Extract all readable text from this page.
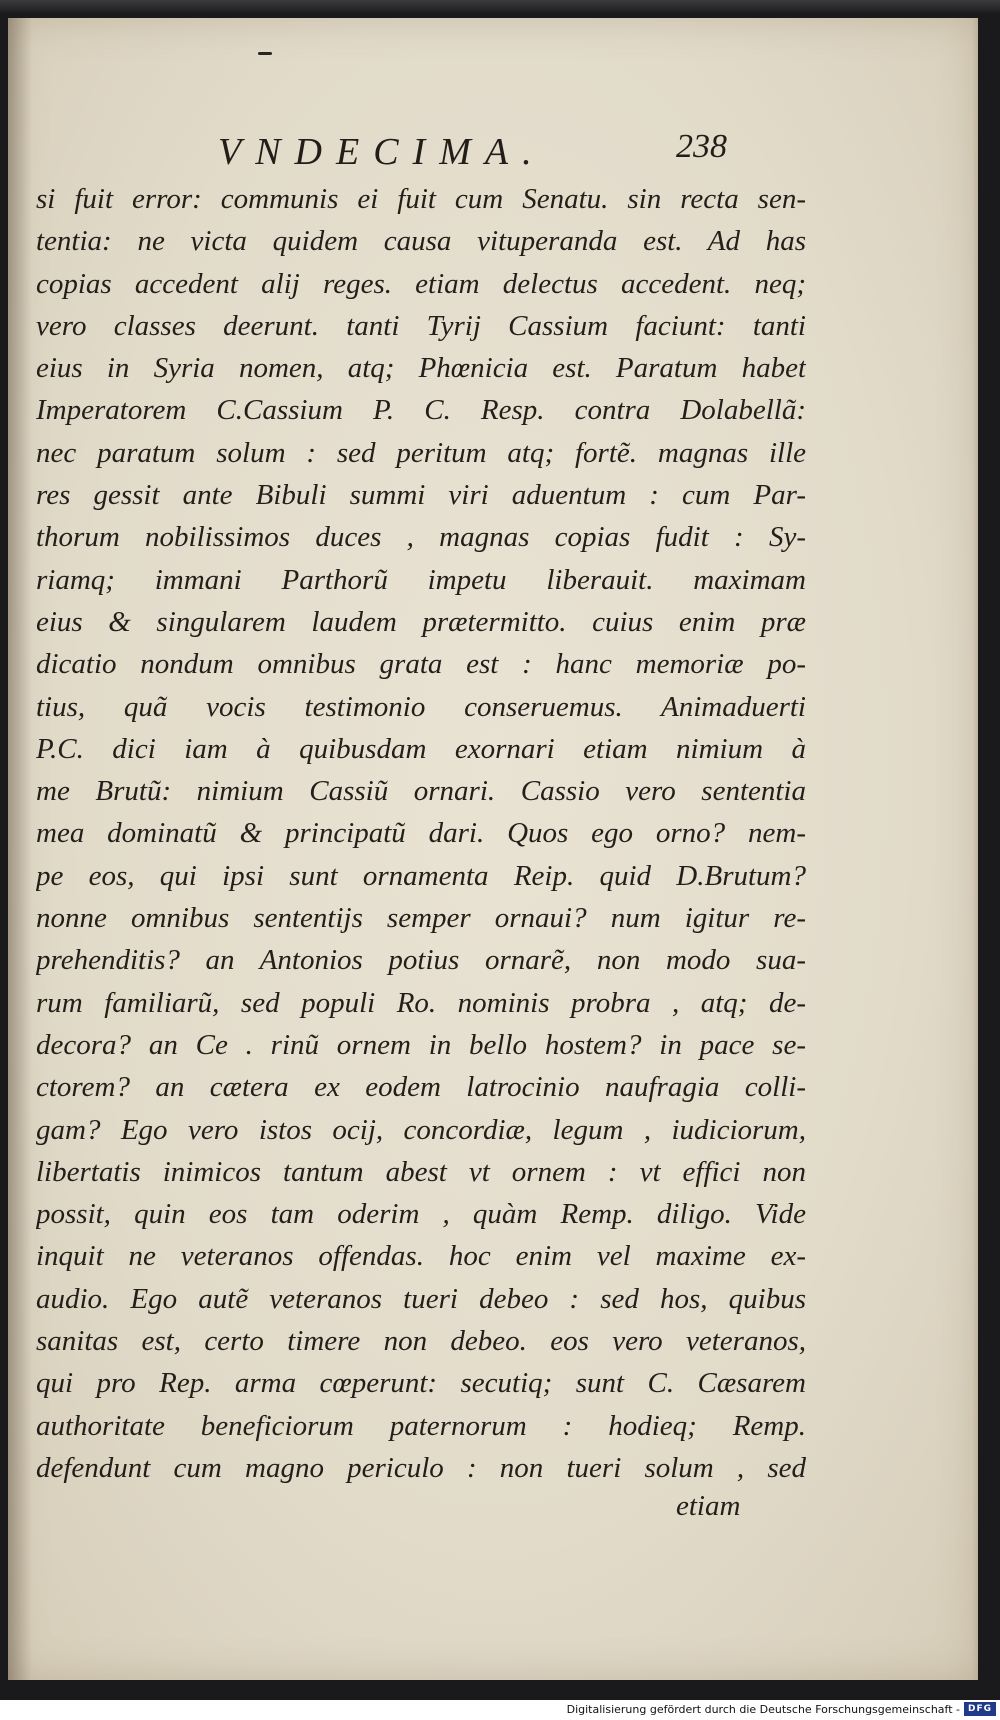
VNDECIMA.	238
si fuit error: communis ei fuit cum Senatu. sin recta sen-
tentia: ne victa quidem causa vituperanda est. Ad has
copias accedent alij reges. etiam delectus accedent. neq;
vero classes deerunt. tanti Tyrij Cassium faciunt: tanti
eius in Syria nomen, atq; Phœnicia est. Paratum habet
Imperatorem C.Cassium P. C. Resp. contra Dolabellã:
nec paratum solum : sed peritum atq; fortẽ. magnas ille
res gessit ante Bibuli summi viri aduentum : cum Par-
thorum nobilissimos duces , magnas copias fudit : Sy-
riamq; immani Parthorũ impetu liberauit. maximam
eius & singularem laudem prætermitto. cuius enim præ
dicatio nondum omnibus grata est : hanc memoriæ po-
tius, quã vocis testimonio conseruemus. Animaduerti
P.C. dici iam à quibusdam exornari etiam nimium à
me Brutũ: nimium Cassiũ ornari. Cassio vero sententia
mea dominatũ & principatũ dari. Quos ego orno? nem-
pe eos, qui ipsi sunt ornamenta Reip. quid D.Brutum?
nonne omnibus sententijs semper ornaui? num igitur re-
prehenditis? an Antonios potius ornarẽ, non modo sua-
rum familiarũ, sed populi Ro. nominis probra , atq; de-
decora? an Ce . rinũ ornem in bello hostem? in pace se-
ctorem? an cætera ex eodem latrocinio naufragia colli-
gam? Ego vero istos ocij, concordiæ, legum , iudiciorum,
libertatis inimicos tantum abest vt ornem : vt effici non
possit, quin eos tam oderim , quàm Remp. diligo. Vide
inquit ne veteranos offendas. hoc enim vel maxime ex-
audio. Ego autẽ veteranos tueri debeo : sed hos, quibus
sanitas est, certo timere non debeo. eos vero veteranos,
qui pro Rep. arma cœperunt: secutiq; sunt C. Cæsarem
authoritate beneficiorum paternorum : hodieq; Remp.
defendunt cum magno periculo : non tueri solum , sed
etiam
Digitalisierung gefördert durch die Deutsche Forschungsgemeinschaft - DFG
